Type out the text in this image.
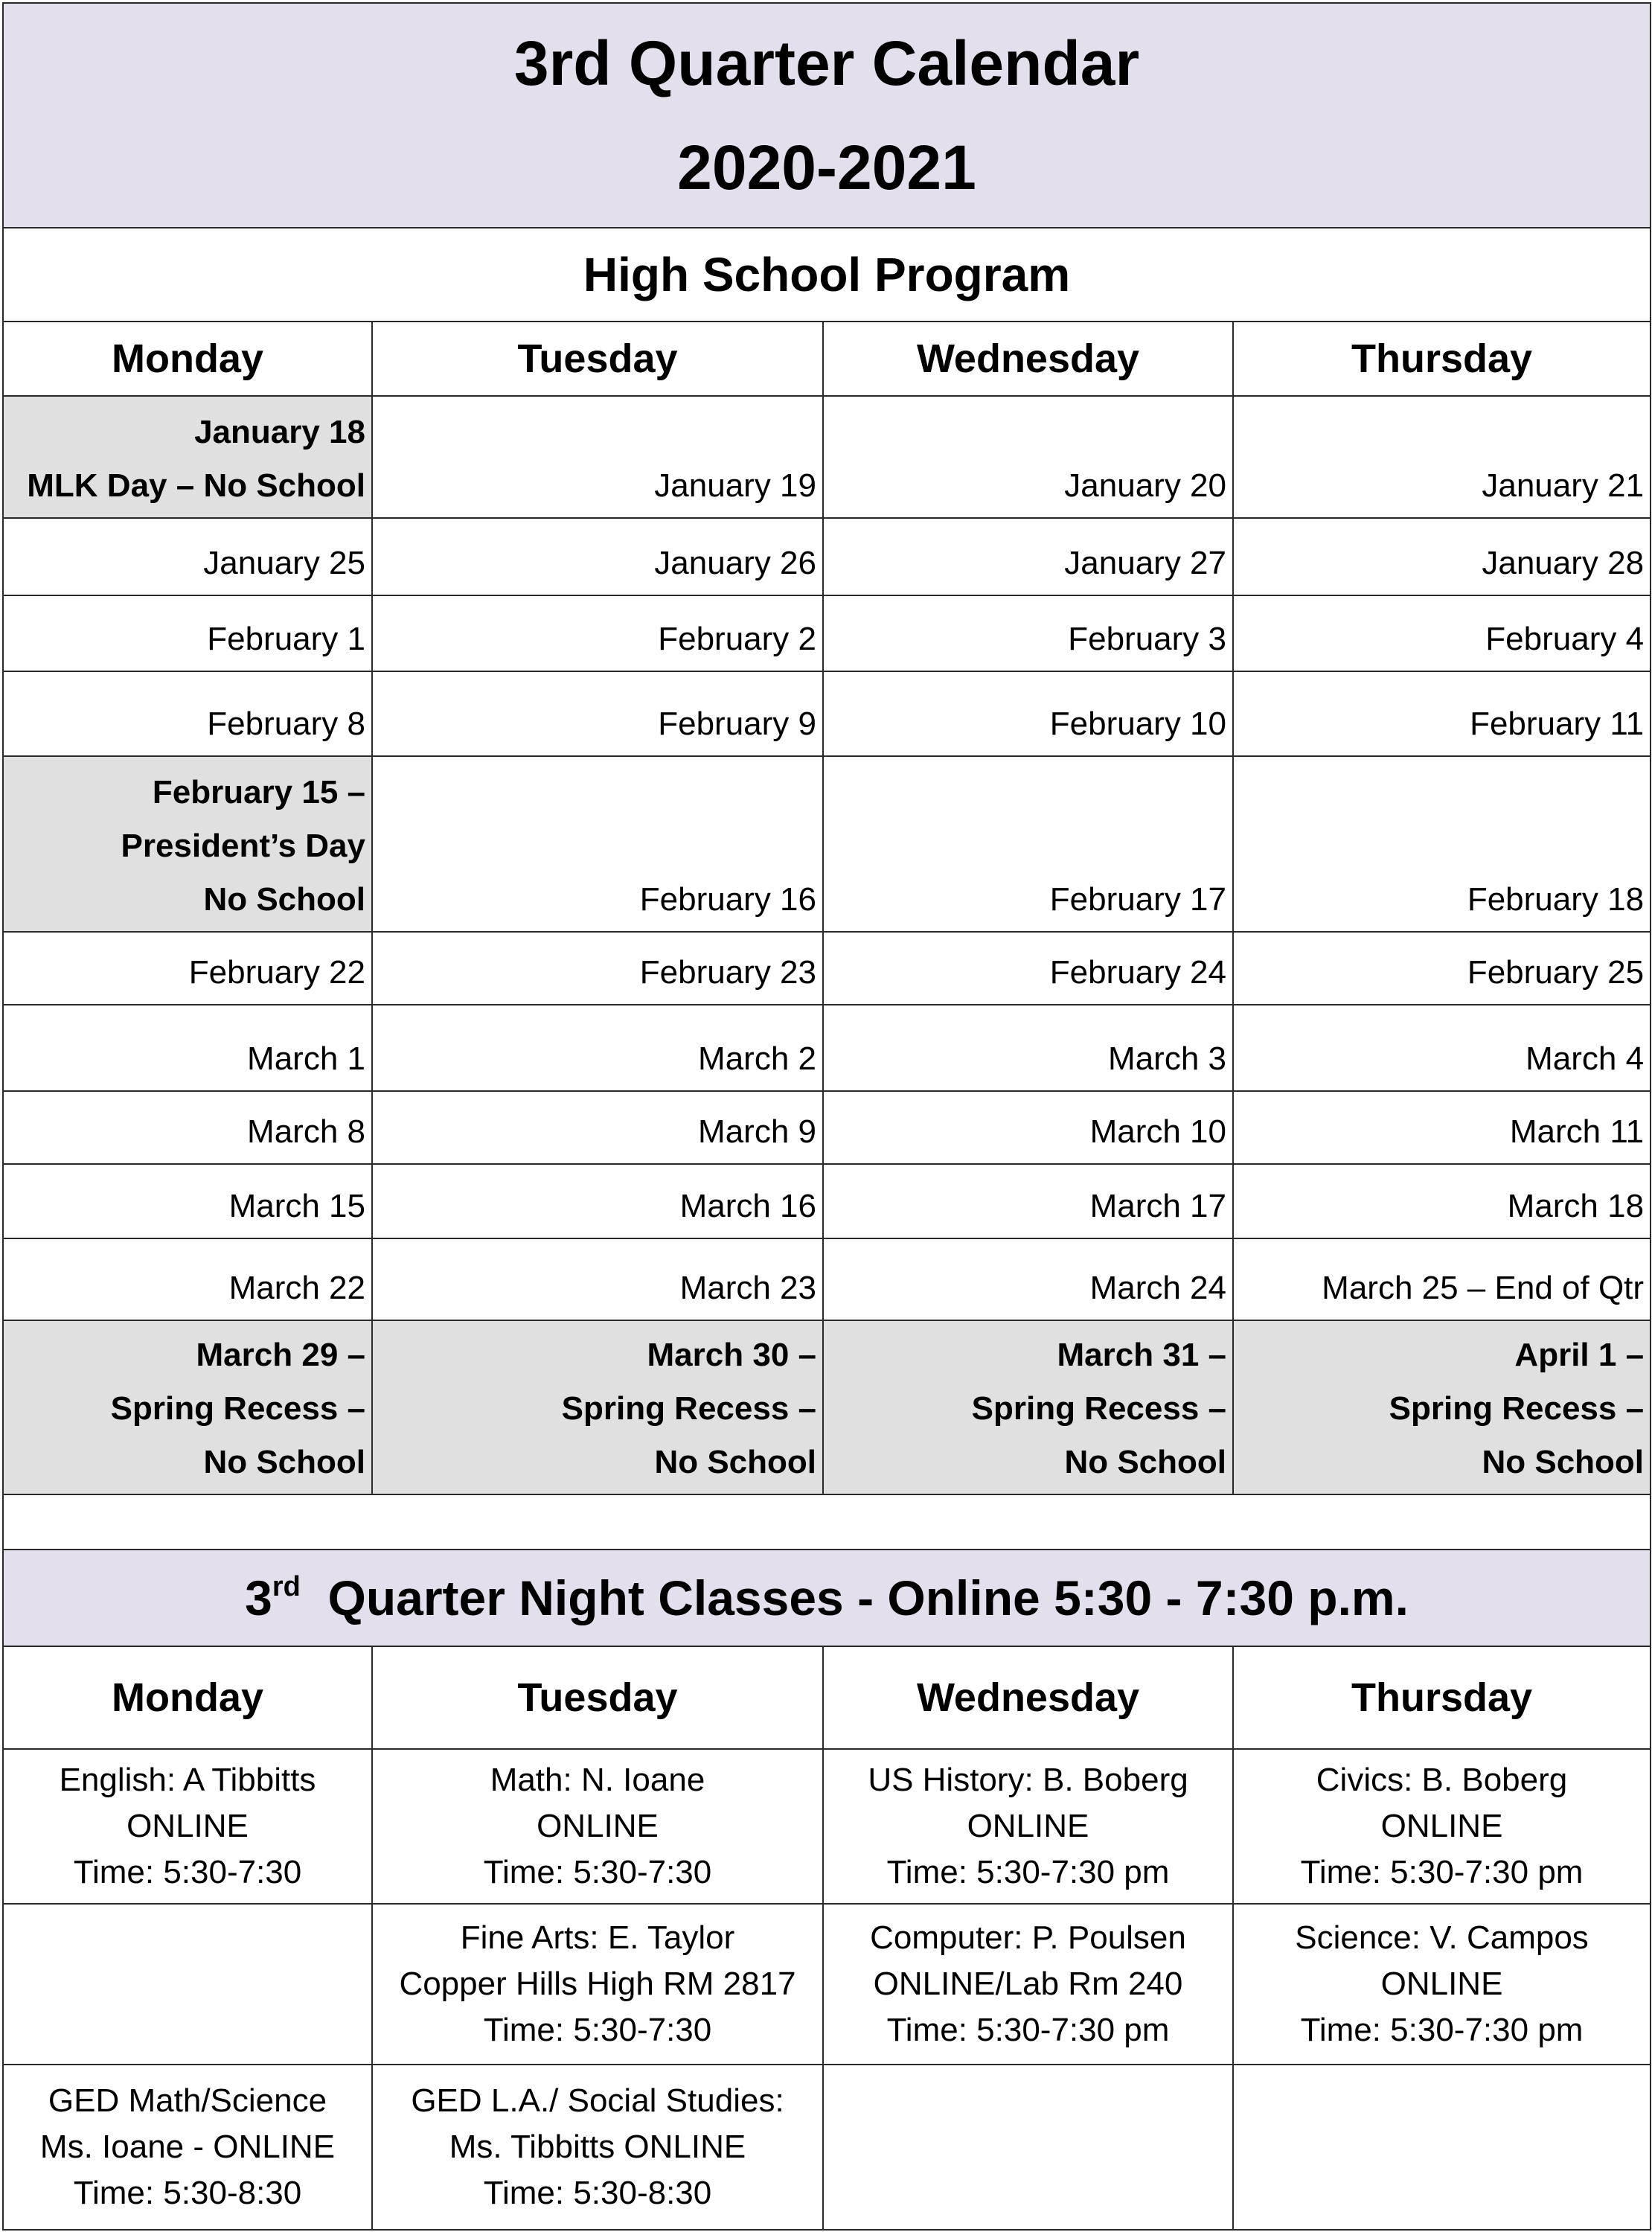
3rd Quarter Calendar
2020-2021			

High School Program			
Monday	Tuesday	Wednesday	Thursday

January 18
MLK Day – No School	January 19	January 20	January 21

January 25	January 26	January 27	January 28

February 1	February 2	February 3	February 4

February 8	February 9	February 10	February 11

February 15 –
President’s Day
No School	February 16	February 17	February 18

February 22	February 23	February 24	February 25

March 1	March 2	March 3	March 4

March 8	March 9	March 10	March 11

March 15	March 16	March 17	March 18

March 22	March 23	March 24	March 25 – End of Qtr

March 29 –
Spring Recess –
No School	March 30 –
Spring Recess –
No School	March 31 –
Spring Recess –
No School	April 1 –
Spring Recess –
No School

3rd Quarter Night Classes - Online 5:30 - 7:30 p.m.			
Monday	Tuesday	Wednesday	Thursday

English: A Tibbitts
ONLINE
Time: 5:30-7:30	Math: N. Ioane
ONLINE
Time: 5:30-7:30	US History: B. Boberg
ONLINE
Time: 5:30-7:30 pm	Civics: B. Boberg
ONLINE
Time: 5:30-7:30 pm

	Fine Arts: E. Taylor
Copper Hills High RM 2817
Time: 5:30-7:30	Computer: P. Poulsen
ONLINE/Lab Rm 240
Time: 5:30-7:30 pm	Science: V. Campos
ONLINE
Time: 5:30-7:30 pm

GED Math/Science
Ms. Ioane - ONLINE
Time: 5:30-8:30	GED L.A./ Social Studies:
Ms. Tibbitts ONLINE
Time: 5:30-8:30		
